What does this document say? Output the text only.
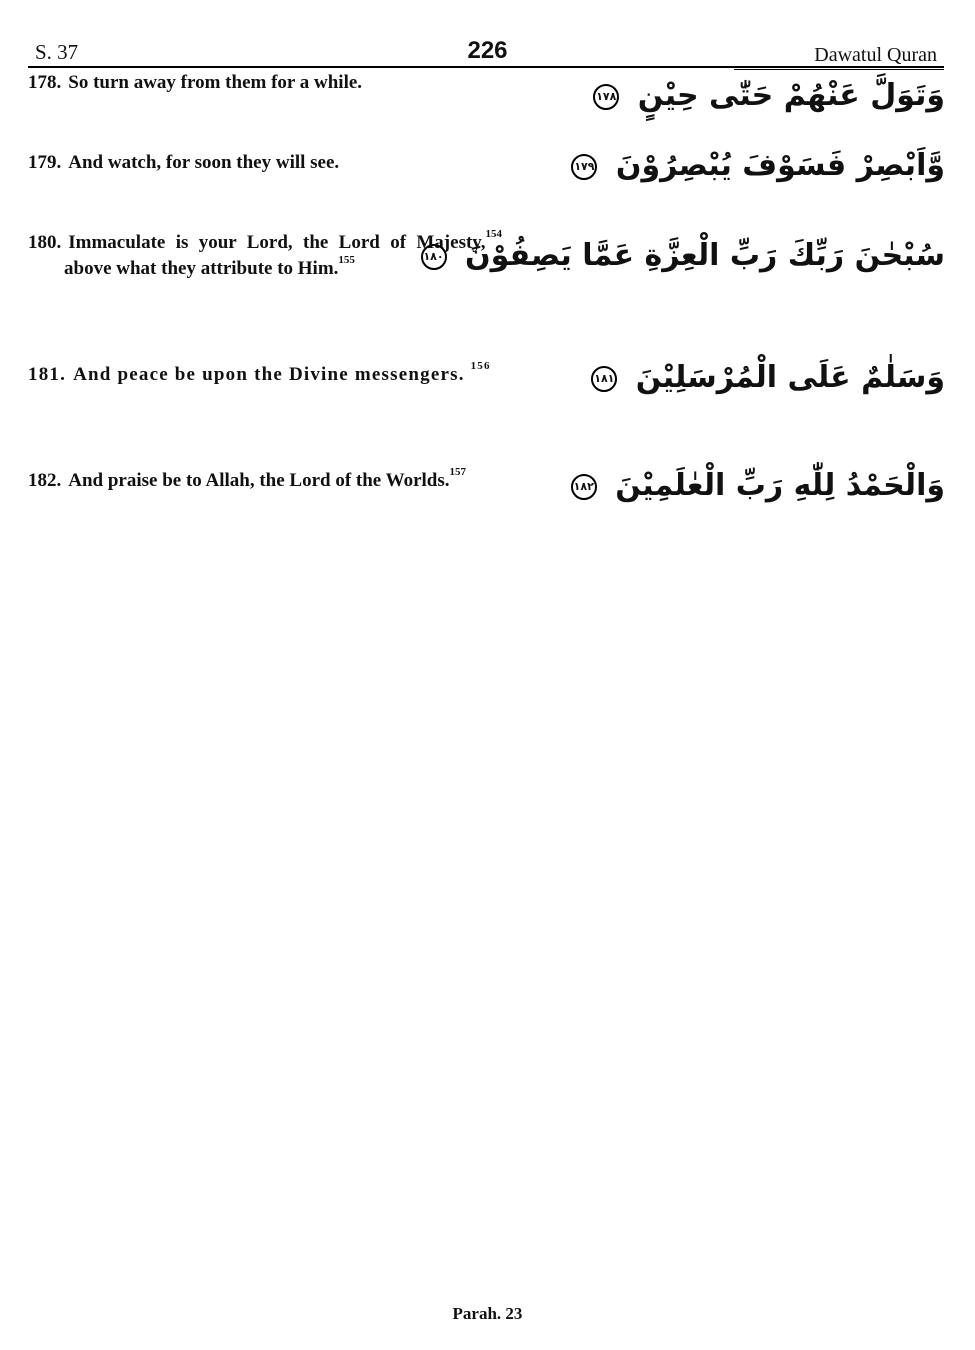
S. 37	226	Dawatul Quran
178. So turn away from them for a while.	وَتَوَلَّ عَنْهُمْ حَتّٰى حِيْنٍ ١٧٨
179. And watch, for soon they will see.	وَّاَبْصِرْ فَسَوْفَ يُبْصِرُوْنَ ١٧٩
180. Immaculate is your Lord, the Lord of Majesty,$^{154}$ above what they attribute to Him.$^{155}$	سُبْحٰنَ رَبِّكَ رَبِّ الْعِزَّةِ عَمَّا يَصِفُوْنَ ١٨٠
181. And peace be upon the Divine messengers. $^{156}$	وَسَلٰمٌ عَلَى الْمُرْسَلِيْنَ ١٨١
182. And praise be to Allah, the Lord of the Worlds.$^{157}$	وَالْحَمْدُ لِلّٰهِ رَبِّ الْعٰلَمِيْنَ ١٨٢
Parah. 23
